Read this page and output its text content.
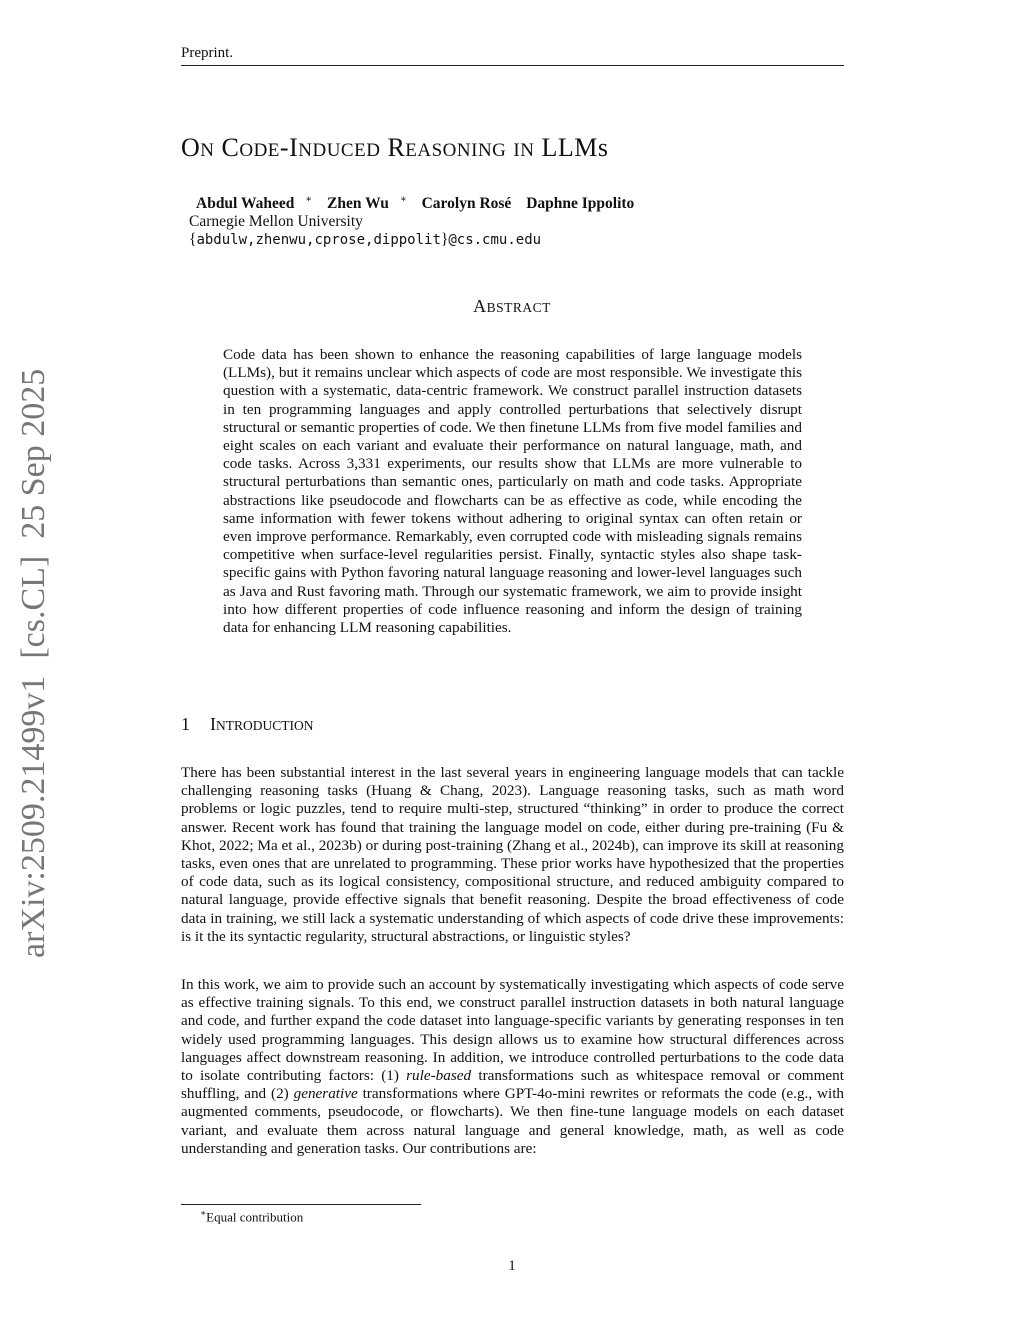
Preprint.
arXiv:2509.21499v1  [cs.CL]  25 Sep 2025
ON CODE-INDUCED REASONING IN LLMs
Abdul Waheed ∗ Zhen Wu ∗ Carolyn Rosé Daphne Ippolito
Carnegie Mellon University
{abdulw,zhenwu,cprose,dippolit}@cs.cmu.edu
ABSTRACT
Code data has been shown to enhance the reasoning capabilities of large language models (LLMs), but it remains unclear which aspects of code are most responsible. We investigate this question with a systematic, data-centric framework. We construct parallel instruction datasets in ten programming languages and apply controlled perturbations that selectively disrupt structural or semantic properties of code. We then finetune LLMs from five model families and eight scales on each variant and evaluate their performance on natural language, math, and code tasks. Across 3,331 experiments, our results show that LLMs are more vulnerable to structural perturbations than semantic ones, particularly on math and code tasks. Appropriate abstractions like pseudocode and flowcharts can be as effective as code, while encoding the same information with fewer tokens without adhering to original syntax can often retain or even improve performance. Remarkably, even corrupted code with misleading signals remains competitive when surface-level regularities persist. Finally, syntactic styles also shape task-specific gains with Python favoring natural language reasoning and lower-level languages such as Java and Rust favoring math. Through our systematic framework, we aim to provide insight into how different properties of code influence reasoning and inform the design of training data for enhancing LLM reasoning capabilities.
1 INTRODUCTION
There has been substantial interest in the last several years in engineering language models that can tackle challenging reasoning tasks (Huang & Chang, 2023). Language reasoning tasks, such as math word problems or logic puzzles, tend to require multi-step, structured “thinking” in order to produce the correct answer. Recent work has found that training the language model on code, either during pre-training (Fu & Khot, 2022; Ma et al., 2023b) or during post-training (Zhang et al., 2024b), can improve its skill at reasoning tasks, even ones that are unrelated to programming. These prior works have hypothesized that the properties of code data, such as its logical consistency, compositional structure, and reduced ambiguity compared to natural language, provide effective signals that benefit reasoning. Despite the broad effectiveness of code data in training, we still lack a systematic understanding of which aspects of code drive these improvements: is it the its syntactic regularity, structural abstractions, or linguistic styles?
In this work, we aim to provide such an account by systematically investigating which aspects of code serve as effective training signals. To this end, we construct parallel instruction datasets in both natural language and code, and further expand the code dataset into language-specific variants by generating responses in ten widely used programming languages. This design allows us to examine how structural differences across languages affect downstream reasoning. In addition, we introduce controlled perturbations to the code data to isolate contributing factors: (1) rule-based transformations such as whitespace removal or comment shuffling, and (2) generative transformations where GPT-4o-mini rewrites or reformats the code (e.g., with augmented comments, pseudocode, or flowcharts). We then fine-tune language models on each dataset variant, and evaluate them across natural language and general knowledge, math, as well as code understanding and generation tasks. Our contributions are:
∗Equal contribution
1
